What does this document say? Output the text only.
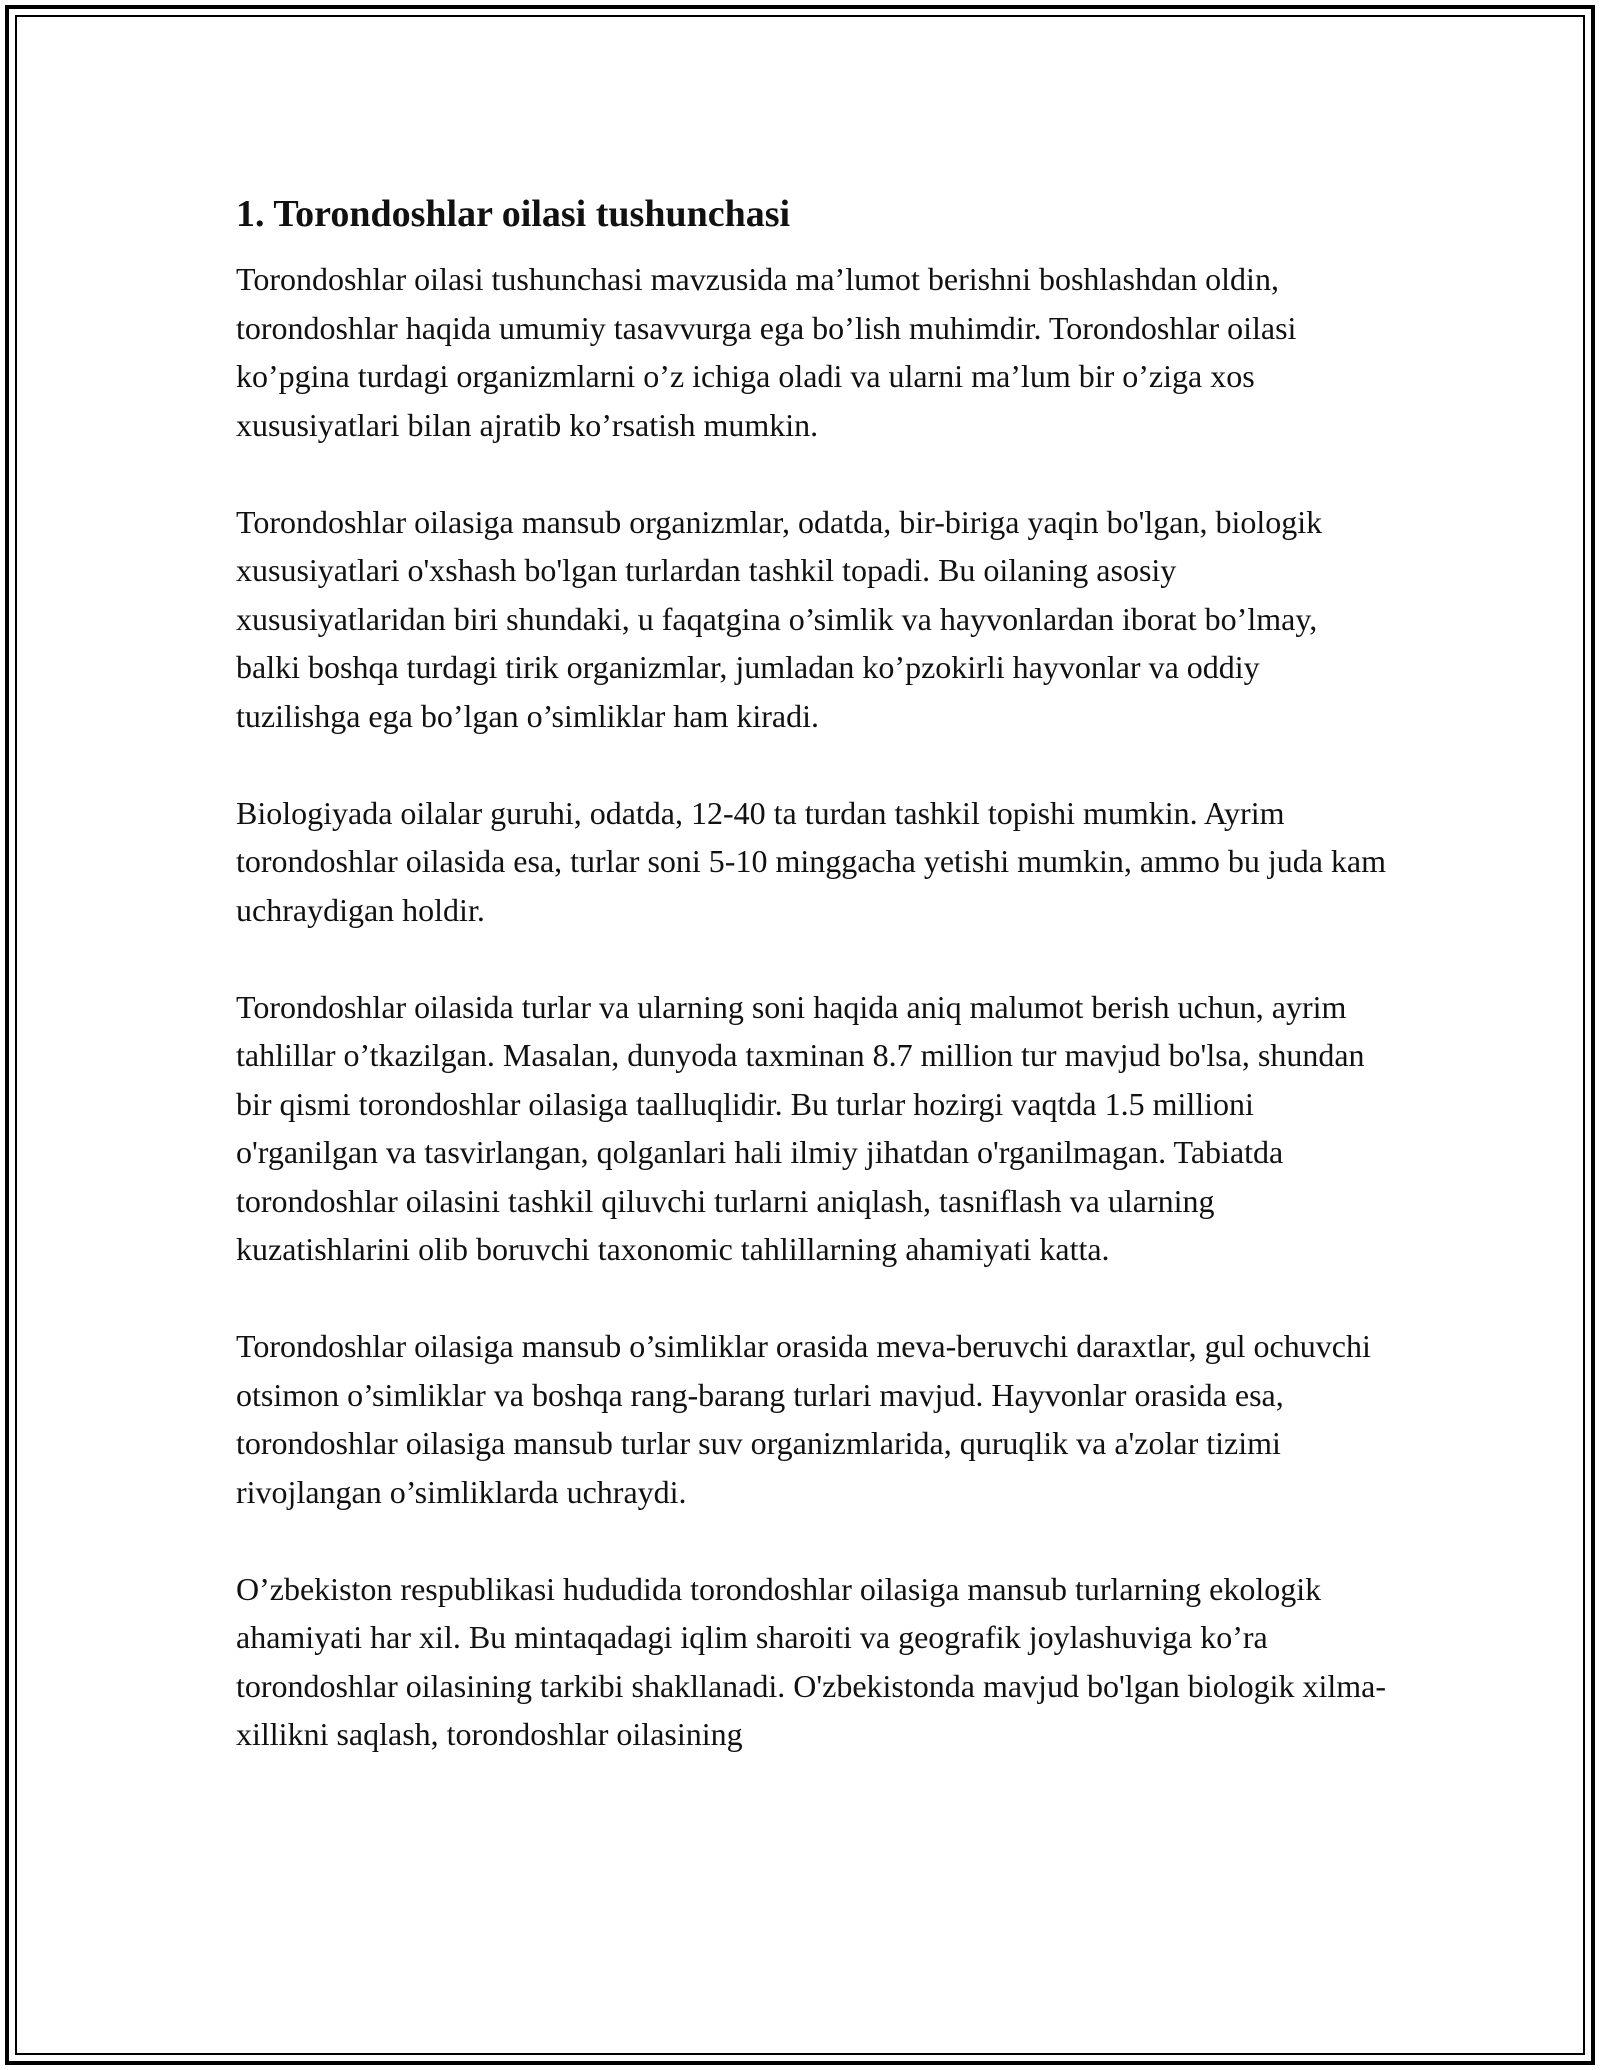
1. Torondoshlar oilasi tushunchasi

Torondoshlar oilasi tushunchasi mavzusida ma’lumot berishni boshlashdan oldin, torondoshlar haqida umumiy tasavvurga ega bo’lish muhimdir. Torondoshlar oilasi ko’pgina turdagi organizmlarni o’z ichiga oladi va ularni ma’lum bir o’ziga xos xususiyatlari bilan ajratib ko’rsatish mumkin.

Torondoshlar oilasiga mansub organizmlar, odatda, bir-biriga yaqin bo'lgan, biologik xususiyatlari o'xshash bo'lgan turlardan tashkil topadi. Bu oilaning asosiy xususiyatlaridan biri shundaki, u faqatgina o’simlik va hayvonlardan iborat bo’lmay, balki boshqa turdagi tirik organizmlar, jumladan ko’pzokirli hayvonlar va oddiy tuzilishga ega bo’lgan o’simliklar ham kiradi.

Biologiyada oilalar guruhi, odatda, 12-40 ta turdan tashkil topishi mumkin. Ayrim torondoshlar oilasida esa, turlar soni 5-10 minggacha yetishi mumkin, ammo bu juda kam uchraydigan holdir.

Torondoshlar oilasida turlar va ularning soni haqida aniq malumot berish uchun, ayrim tahlillar o’tkazilgan. Masalan, dunyoda taxminan 8.7 million tur mavjud bo'lsa, shundan bir qismi torondoshlar oilasiga taalluqlidir. Bu turlar hozirgi vaqtda 1.5 millioni o'rganilgan va tasvirlangan, qolganlari hali ilmiy jihatdan o'rganilmagan. Tabiatda torondoshlar oilasini tashkil qiluvchi turlarni aniqlash, tasniflash va ularning kuzatishlarini olib boruvchi taxonomic tahlillarning ahamiyati katta.

Torondoshlar oilasiga mansub o’simliklar orasida meva-beruvchi daraxtlar, gul ochuvchi otsimon o’simliklar va boshqa rang-barang turlari mavjud. Hayvonlar orasida esa, torondoshlar oilasiga mansub turlar suv organizmlarida, quruqlik va a'zolar tizimi rivojlangan o’simliklarda uchraydi.

O’zbekiston respublikasi hududida torondoshlar oilasiga mansub turlarning ekologik ahamiyati har xil. Bu mintaqadagi iqlim sharoiti va geografik joylashuviga ko’ra torondoshlar oilasining tarkibi shakllanadi. O'zbekistonda mavjud bo'lgan biologik xilma-xillikni saqlash, torondoshlar oilasining
